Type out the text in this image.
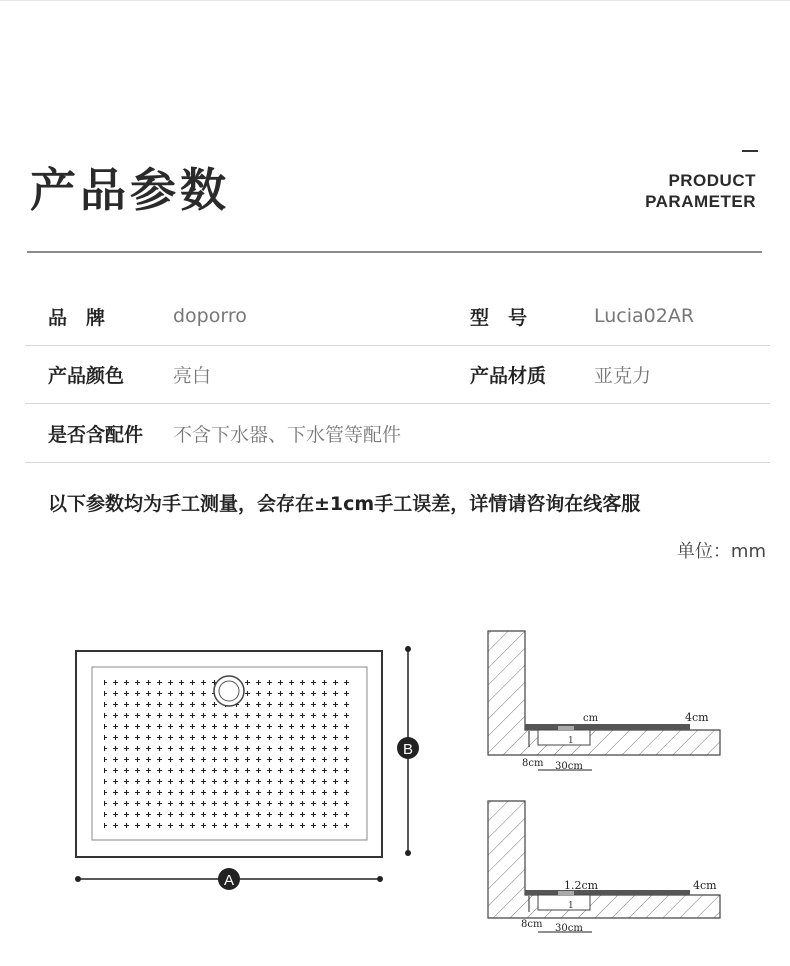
产品参数	PRODUCT
PARAMETER
品　牌	doporro	型　号	Lucia02AR
产品颜色	亮白	产品材质	亚克力
是否含配件 不含下水器、下水管等配件
以下参数均为手工测量，会存在±1cm手工误差，详情请咨询在线客服
单位：mm
B
A
1
cm	4cm
8cm 30cm
1
1.2cm	4cm
8cm 30cm
